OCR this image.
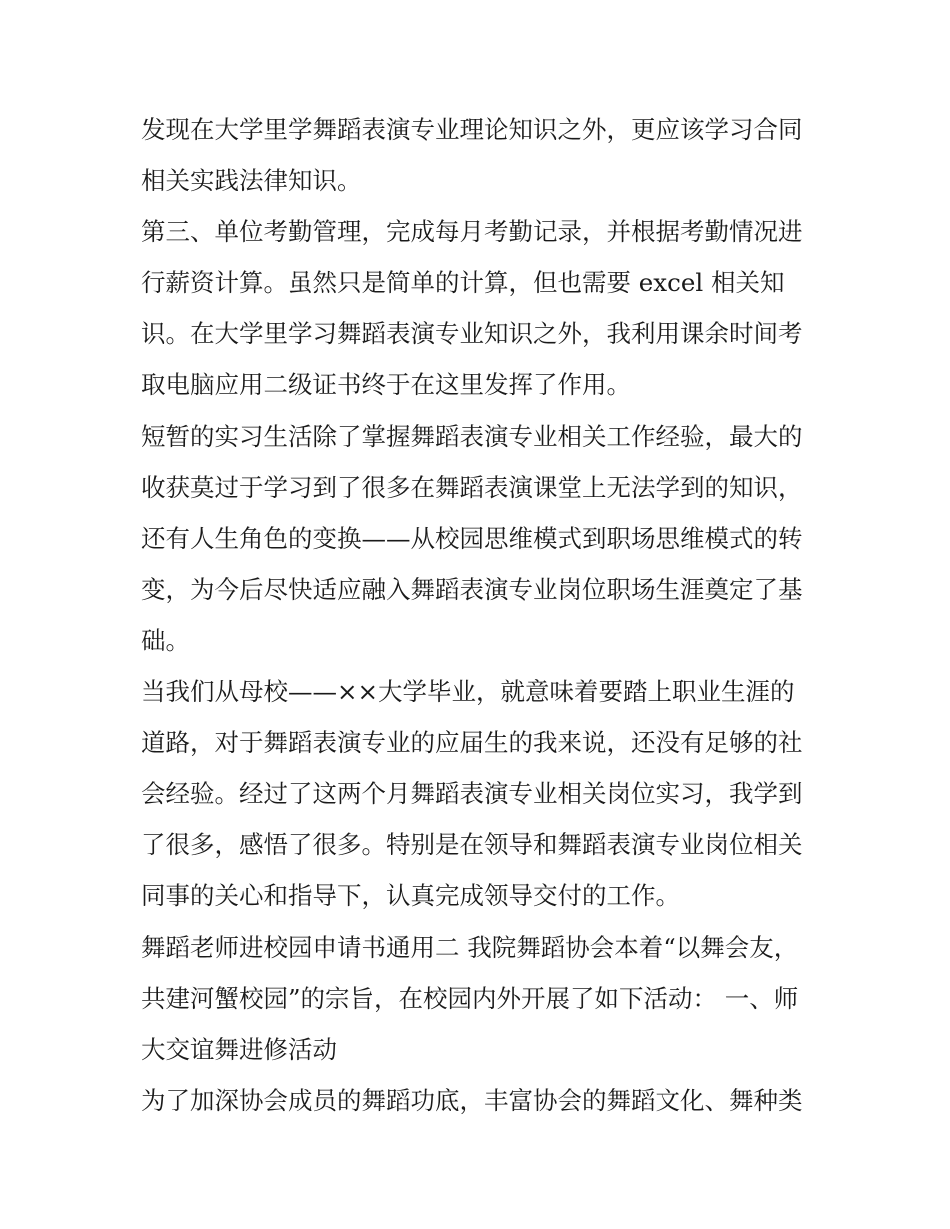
发现在大学里学舞蹈表演专业理论知识之外，更应该学习合同
相关实践法律知识。
第三、单位考勤管理，完成每月考勤记录，并根据考勤情况进
行薪资计算。虽然只是简单的计算，但也需要 excel 相关知
识。在大学里学习舞蹈表演专业知识之外，我利用课余时间考
取电脑应用二级证书终于在这里发挥了作用。
短暂的实习生活除了掌握舞蹈表演专业相关工作经验，最大的
收获莫过于学习到了很多在舞蹈表演课堂上无法学到的知识，
还有人生角色的变换——从校园思维模式到职场思维模式的转
变，为今后尽快适应融入舞蹈表演专业岗位职场生涯奠定了基
础。
当我们从母校——××大学毕业，就意味着要踏上职业生涯的
道路，对于舞蹈表演专业的应届生的我来说，还没有足够的社
会经验。经过了这两个月舞蹈表演专业相关岗位实习，我学到
了很多，感悟了很多。特别是在领导和舞蹈表演专业岗位相关
同事的关心和指导下，认真完成领导交付的工作。
舞蹈老师进校园申请书通用二 我院舞蹈协会本着“以舞会友，
共建河蟹校园”的宗旨，在校园内外开展了如下活动： 一、师
大交谊舞进修活动
为了加深协会成员的舞蹈功底，丰富协会的舞蹈文化、舞种类
